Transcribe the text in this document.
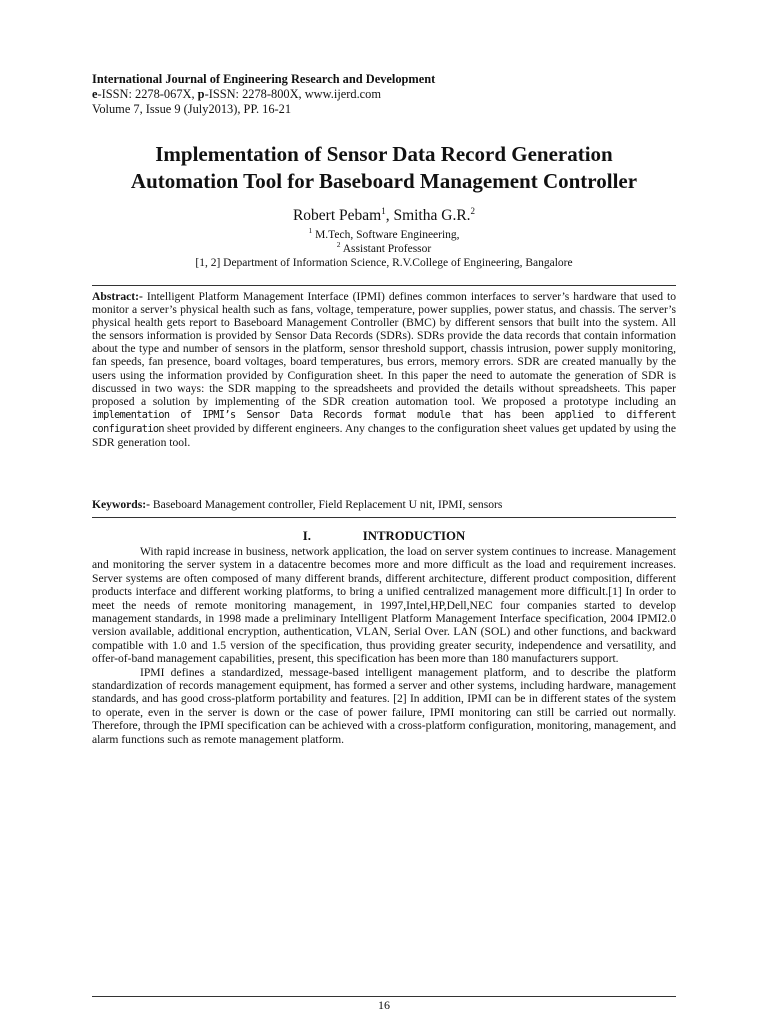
International Journal of Engineering Research and Development
e-ISSN: 2278-067X, p-ISSN: 2278-800X, www.ijerd.com
Volume 7, Issue 9 (July2013), PP. 16-21
Implementation of Sensor Data Record Generation
Automation Tool for Baseboard Management Controller
Robert Pebam$^1$, Smitha G.R.$^2$
$^1$ M.Tech, Software Engineering,
$^2$ Assistant Professor
[1, 2] Department of Information Science, R.V.College of Engineering, Bangalore

Abstract:- Intelligent Platform Management Interface (IPMI) defines common interfaces to server’s hardware that used to monitor a server’s physical health such as fans, voltage, temperature, power supplies, power status, and chassis. The server’s physical health gets report to Baseboard Management Controller (BMC) by different sensors that built into the system. All the sensors information is provided by Sensor Data Records (SDRs). SDRs provide the data records that contain information about the type and number of sensors in the platform, sensor threshold support, chassis intrusion, power supply monitoring, fan speeds, fan presence, board voltages, board temperatures, bus errors, memory errors. SDR are created manually by the users using the information provided by Configuration sheet. In this paper the need to automate the generation of SDR is discussed in two ways: the SDR mapping to the spreadsheets and provided the details without spreadsheets. This paper proposed a solution by implementing of the SDR creation automation tool. We proposed a prototype including an implementation of IPMI’s Sensor Data Records format module that has been applied to different configuration sheet provided by different engineers. Any changes to the configuration sheet values get updated by using the SDR generation tool.

Keywords:- Baseboard Management controller, Field Replacement U nit, IPMI, sensors
I.	INTRODUCTION

With rapid increase in business, network application, the load on server system continues to increase. Management and monitoring the server system in a datacentre becomes more and more difficult as the load and requirement increases. Server systems are often composed of many different brands, different architecture, different product composition, different products interface and different working platforms, to bring a unified centralized management more difficult.[1] In order to meet the needs of remote monitoring management, in 1997,Intel,HP,Dell,NEC four companies started to develop management standards, in 1998 made a preliminary Intelligent Platform Management Interface specification, 2004 IPMI2.0 version available, additional encryption, authentication, VLAN, Serial Over. LAN (SOL) and other functions, and backward compatible with 1.0 and 1.5 version of the specification, thus providing greater security, independence and versatility, and offer-of-band management capabilities, present, this specification has been more than 180 manufacturers support.

IPMI defines a standardized, message-based intelligent management platform, and to describe the platform standardization of records management equipment, has formed a server and other systems, including hardware, management standards, and has good cross-platform portability and features. [2] In addition, IPMI can be in different states of the system to operate, even in the server is down or the case of power failure, IPMI monitoring can still be carried out normally. Therefore, through the IPMI specification can be achieved with a cross-platform configuration, monitoring, management, and alarm functions such as remote management platform.

16
